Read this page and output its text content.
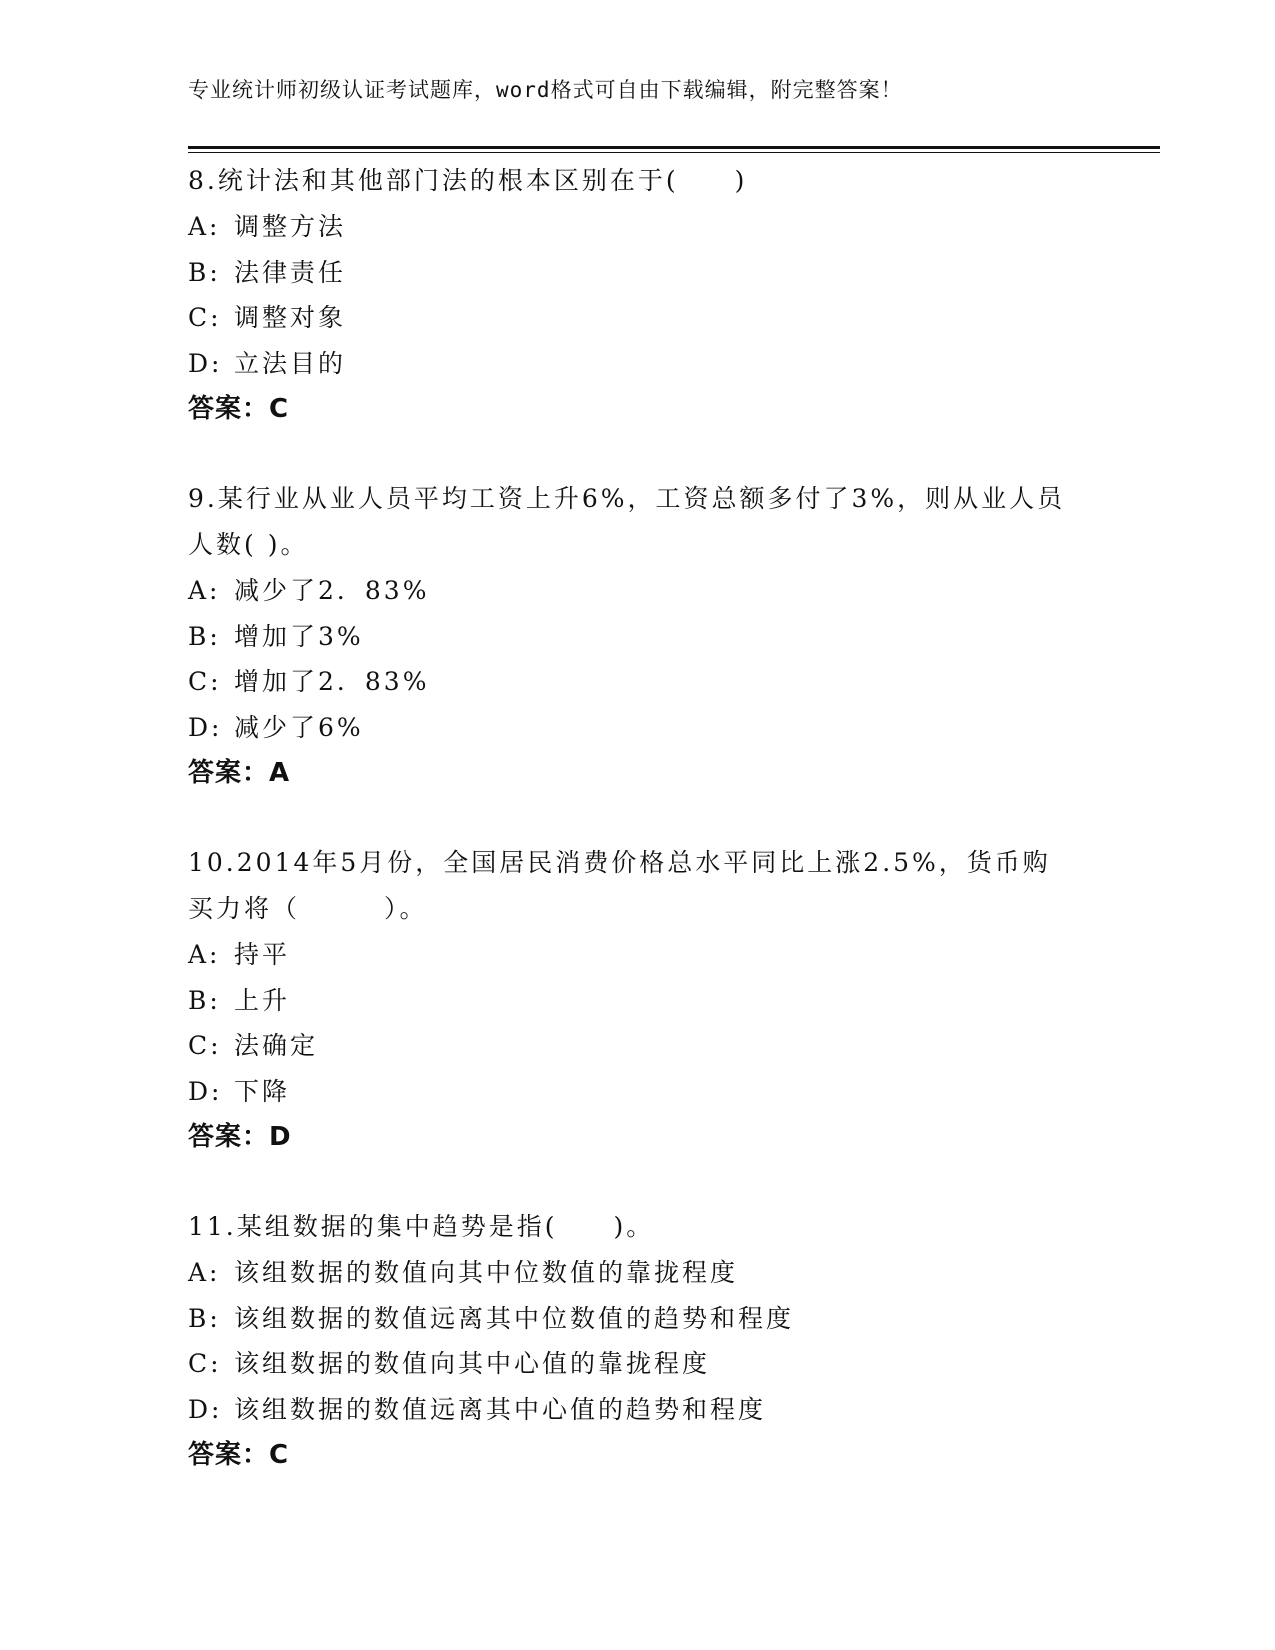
专业统计师初级认证考试题库，word格式可自由下载编辑，附完整答案！
8.统计法和其他部门法的根本区别在于(　　)
A: 调整方法
B: 法律责任
C: 调整对象
D: 立法目的
答案：C
9.某行业从业人员平均工资上升6%，工资总额多付了3%，则从业人员人数( )。
A: 减少了2．83%
B: 增加了3%
C: 增加了2．83%
D: 减少了6%
答案：A
10.2014年5月份，全国居民消费价格总水平同比上涨2.5%，货币购买力将（　　　）。
A: 持平
B: 上升
C: 法确定
D: 下降
答案：D
11.某组数据的集中趋势是指(　　)。
A: 该组数据的数值向其中位数值的靠拢程度
B: 该组数据的数值远离其中位数值的趋势和程度
C: 该组数据的数值向其中心值的靠拢程度
D: 该组数据的数值远离其中心值的趋势和程度
答案：C
